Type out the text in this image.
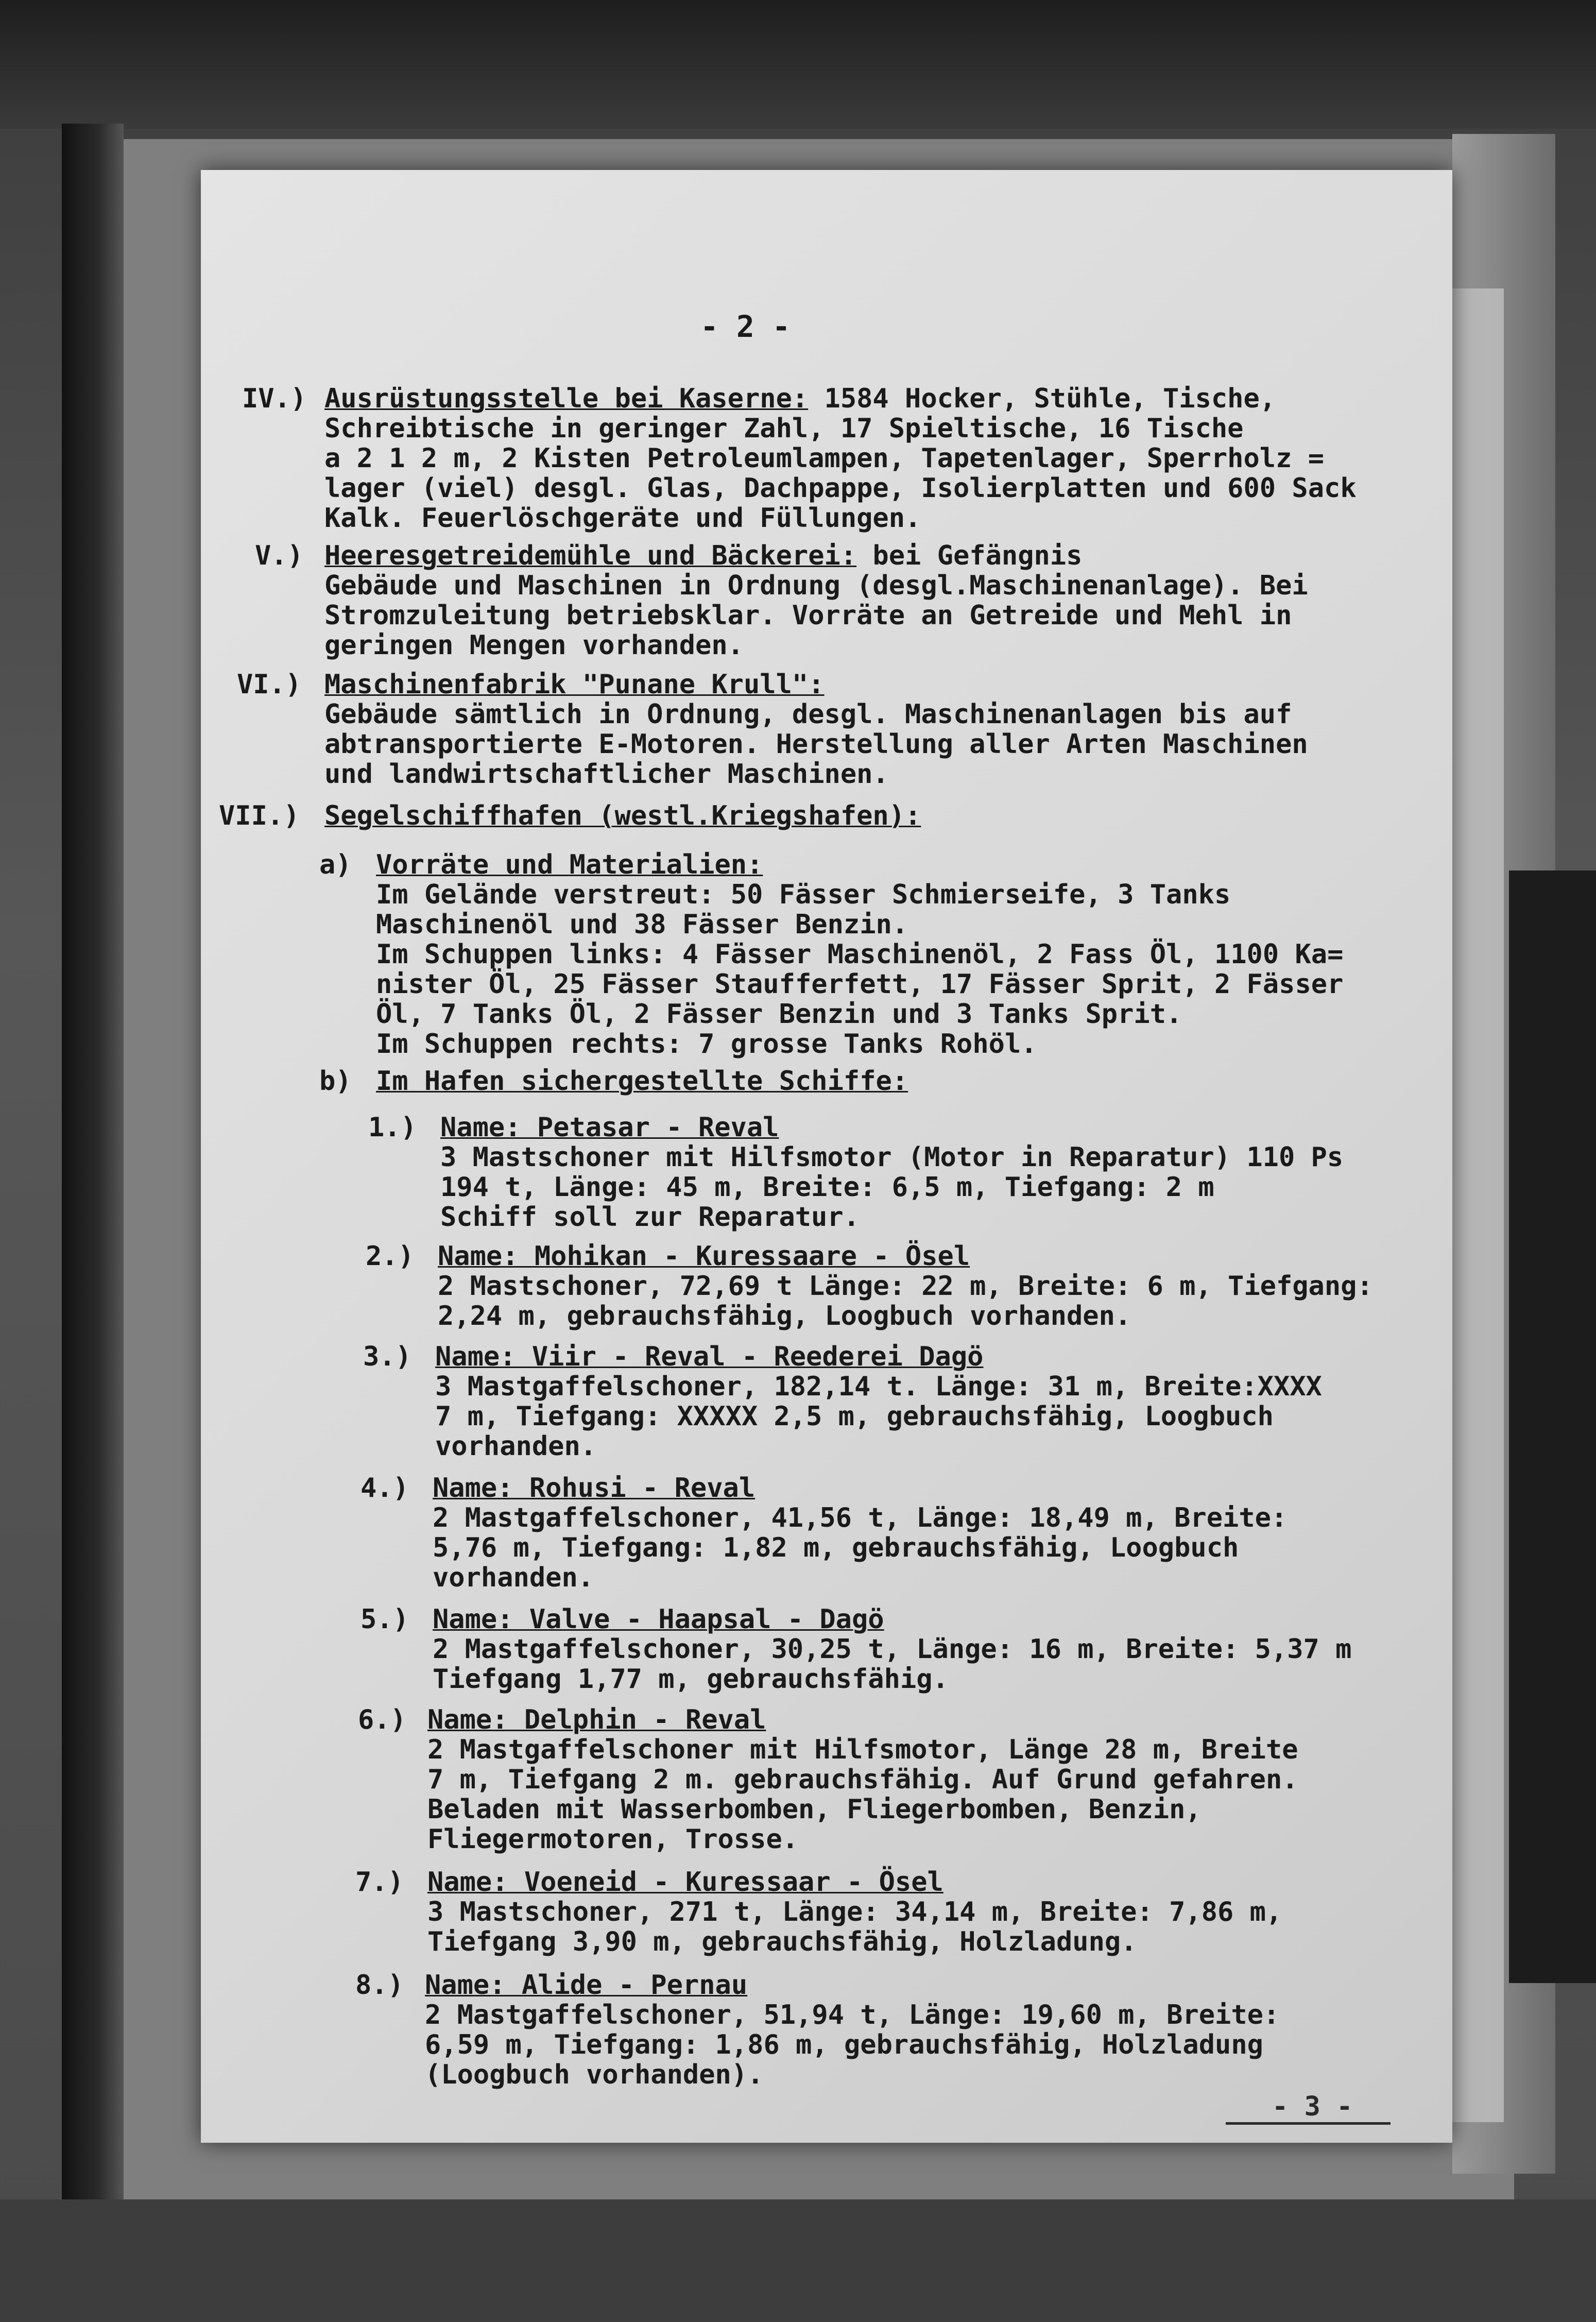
- 2 -
IV.) Ausrüstungsstelle bei Kaserne: 1584 Hocker, Stühle, Tische,
Schreibtische in geringer Zahl, 17 Spieltische, 16 Tische
a 2 1 2 m, 2 Kisten Petroleumlampen, Tapetenlager, Sperrholz =
lager (viel) desgl. Glas, Dachpappe, Isolierplatten und 600 Sack
Kalk. Feuerlöschgeräte und Füllungen.
V.) Heeresgetreidemühle und Bäckerei: bei Gefängnis
Gebäude und Maschinen in Ordnung (desgl.Maschinenanlage). Bei
Stromzuleitung betriebsklar. Vorräte an Getreide und Mehl in
geringen Mengen vorhanden.
VI.) Maschinenfabrik "Punane Krull":
Gebäude sämtlich in Ordnung, desgl. Maschinenanlagen bis auf
abtransportierte E-Motoren. Herstellung aller Arten Maschinen
und landwirtschaftlicher Maschinen.
VII.) Segelschiffhafen (westl.Kriegshafen):
a) Vorräte und Materialien:
Im Gelände verstreut: 50 Fässer Schmierseife, 3 Tanks
Maschinenöl und 38 Fässer Benzin.
Im Schuppen links: 4 Fässer Maschinenöl, 2 Fass Öl, 1100 Ka=
nister Öl, 25 Fässer Staufferfett, 17 Fässer Sprit, 2 Fässer
Öl, 7 Tanks Öl, 2 Fässer Benzin und 3 Tanks Sprit.
Im Schuppen rechts: 7 grosse Tanks Rohöl.
b) Im Hafen sichergestellte Schiffe:
1.) Name: Petasar - Reval
3 Mastschoner mit Hilfsmotor (Motor in Reparatur) 110 Ps
194 t, Länge: 45 m, Breite: 6,5 m, Tiefgang: 2 m
Schiff soll zur Reparatur.
2.) Name: Mohikan - Kuressaare - Ösel
2 Mastschoner, 72,69 t Länge: 22 m, Breite: 6 m, Tiefgang:
2,24 m, gebrauchsfähig, Loogbuch vorhanden.
3.) Name: Viir - Reval - Reederei Dagö
3 Mastgaffelschoner, 182,14 t. Länge: 31 m, Breite:XXXX
7 m, Tiefgang: XXXXX 2,5 m, gebrauchsfähig, Loogbuch
vorhanden.
4.) Name: Rohusi - Reval
2 Mastgaffelschoner, 41,56 t, Länge: 18,49 m, Breite:
5,76 m, Tiefgang: 1,82 m, gebrauchsfähig, Loogbuch
vorhanden.
5.) Name: Valve - Haapsal - Dagö
2 Mastgaffelschoner, 30,25 t, Länge: 16 m, Breite: 5,37 m
Tiefgang 1,77 m, gebrauchsfähig.
6.) Name: Delphin - Reval
2 Mastgaffelschoner mit Hilfsmotor, Länge 28 m, Breite
7 m, Tiefgang 2 m. gebrauchsfähig. Auf Grund gefahren.
Beladen mit Wasserbomben, Fliegerbomben, Benzin,
Fliegermotoren, Trosse.
7.) Name: Voeneid - Kuressaar - Ösel
3 Mastschoner, 271 t, Länge: 34,14 m, Breite: 7,86 m,
Tiefgang 3,90 m, gebrauchsfähig, Holzladung.
8.) Name: Alide - Pernau
2 Mastgaffelschoner, 51,94 t, Länge: 19,60 m, Breite:
6,59 m, Tiefgang: 1,86 m, gebrauchsfähig, Holzladung
(Loogbuch vorhanden).
- 3 -
